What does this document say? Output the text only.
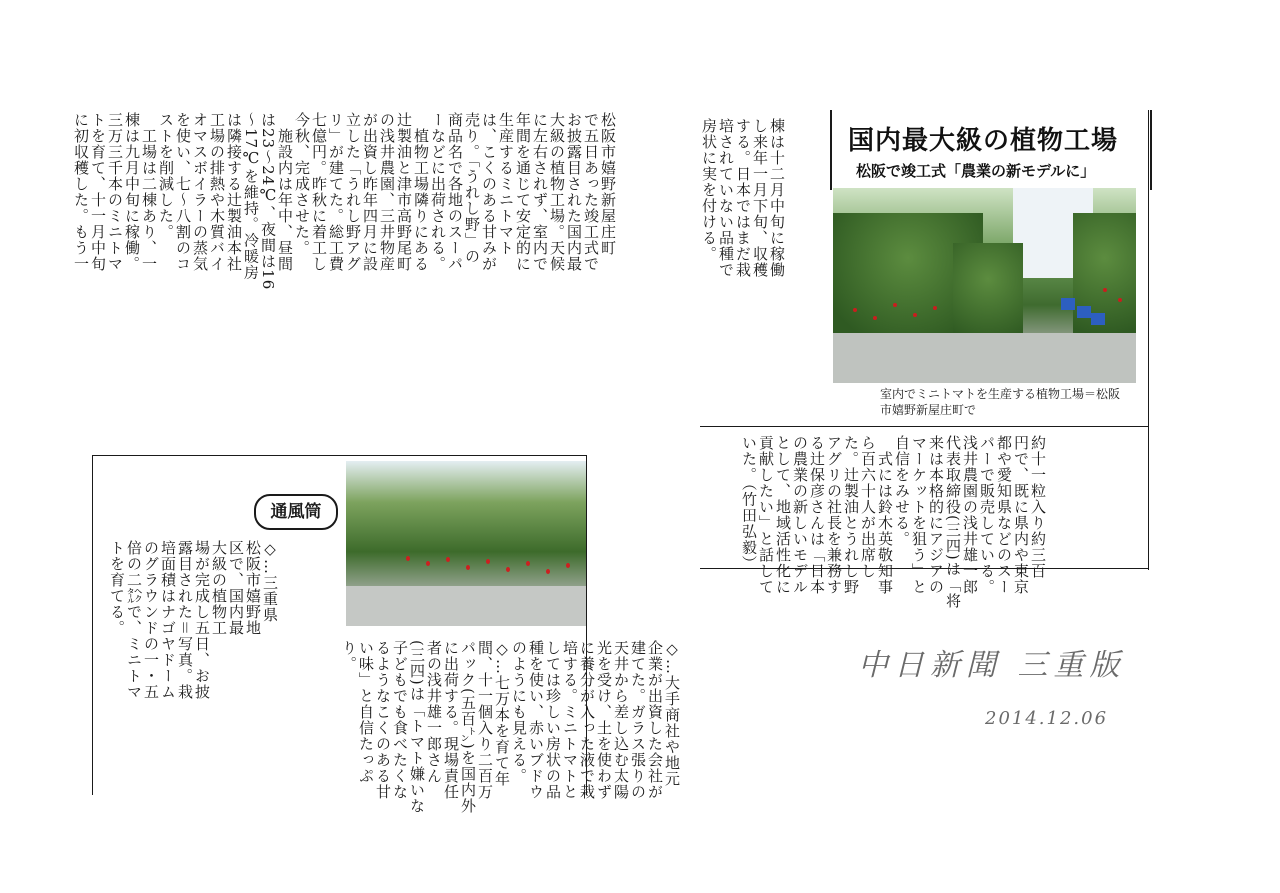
松阪市嬉野新屋庄町
で五日あった竣工式で
お披露目された国内最
大級の植物工場。天候
に左右されず、室内で
年間を通じて安定的に
生産するミニトマト
は、こくのある甘みが
売り。「うれし野」の
商品名で各地のスーパ
ーなどに出荷される。
　植物工場隣りにある
辻製油と津市高野尾町
の浅井農園、三井物産
が出資し昨年四月に設
立した「うれし野アグ
リ」が建てた。総工費
七億円。昨秋に着工し
今秋、完成させた。
　施設内は年中、昼間
は23～24℃、夜間は16
～17℃を維持。冷暖房
は隣接する辻製油本社
工場の排熱や木質バイ
オマスボイラーの蒸気
を使い、七～八割のコ
ストを削減した。
　工場は二棟あり、一
棟は九月中旬に稼働。
三万三千本のミニトマ
トを育て、十一月中旬
に初収穫した。もう一	国内最大級の植物工場
松阪で竣工式「農業の新モデルに」
室内でミニトマトを生産する植物工場＝松阪市嬉野新屋庄町で
棟は十二月中旬に稼働
し来年一月下旬、収穫
する。日本ではまだ栽
培されていない品種で
房状に実を付ける。
約十一粒入り約三百
円で、既に県内や東京
都や愛知県などのスー
パーで販売している。
浅井農園の浅井雄一郎
代表取締役(三四)は「将
来は本格的にアジアの
マーケットを狙う」と
自信をみせる。
　式には鈴木英敬知事
ら百六十人が出席し
た。辻製油とうれし野
アグリの社長を兼務す
る辻保彦さんは「日本
の農業の新しいモデル
として、地域活性化に
貢献したい」と話して
いた。（竹田弘毅）
通風筒
◇…三重県
松阪市嬉野地
区で、国内最
大級の植物工
場が完成し五日、お披
露目された＝写真。栽
培面積はナゴヤドーム
のグラウンドの一・五
倍の二㌶で、ミニトマ
トを育てる。
◇…大手商社や地元
企業が出資した会社が
建てた。ガラス張りの
天井から差し込む太陽
光を受け、土を使わず
に養分が入った液で栽
培する。ミニトマトと
しては珍しい房状の品
種を使い、赤いブドウ
のようにも見える。
◇…七万本を育て年
間、十一個入り二百万
パック(五百㌧)を国内外
に出荷する。現場責任
者の浅井雄一郎さん
(三四)は「トマト嫌いな
子どもでも食べたくな
るようなこくのある甘
い味」と自信たっぷ
り。	中日新聞 三重版
2014.12.06
